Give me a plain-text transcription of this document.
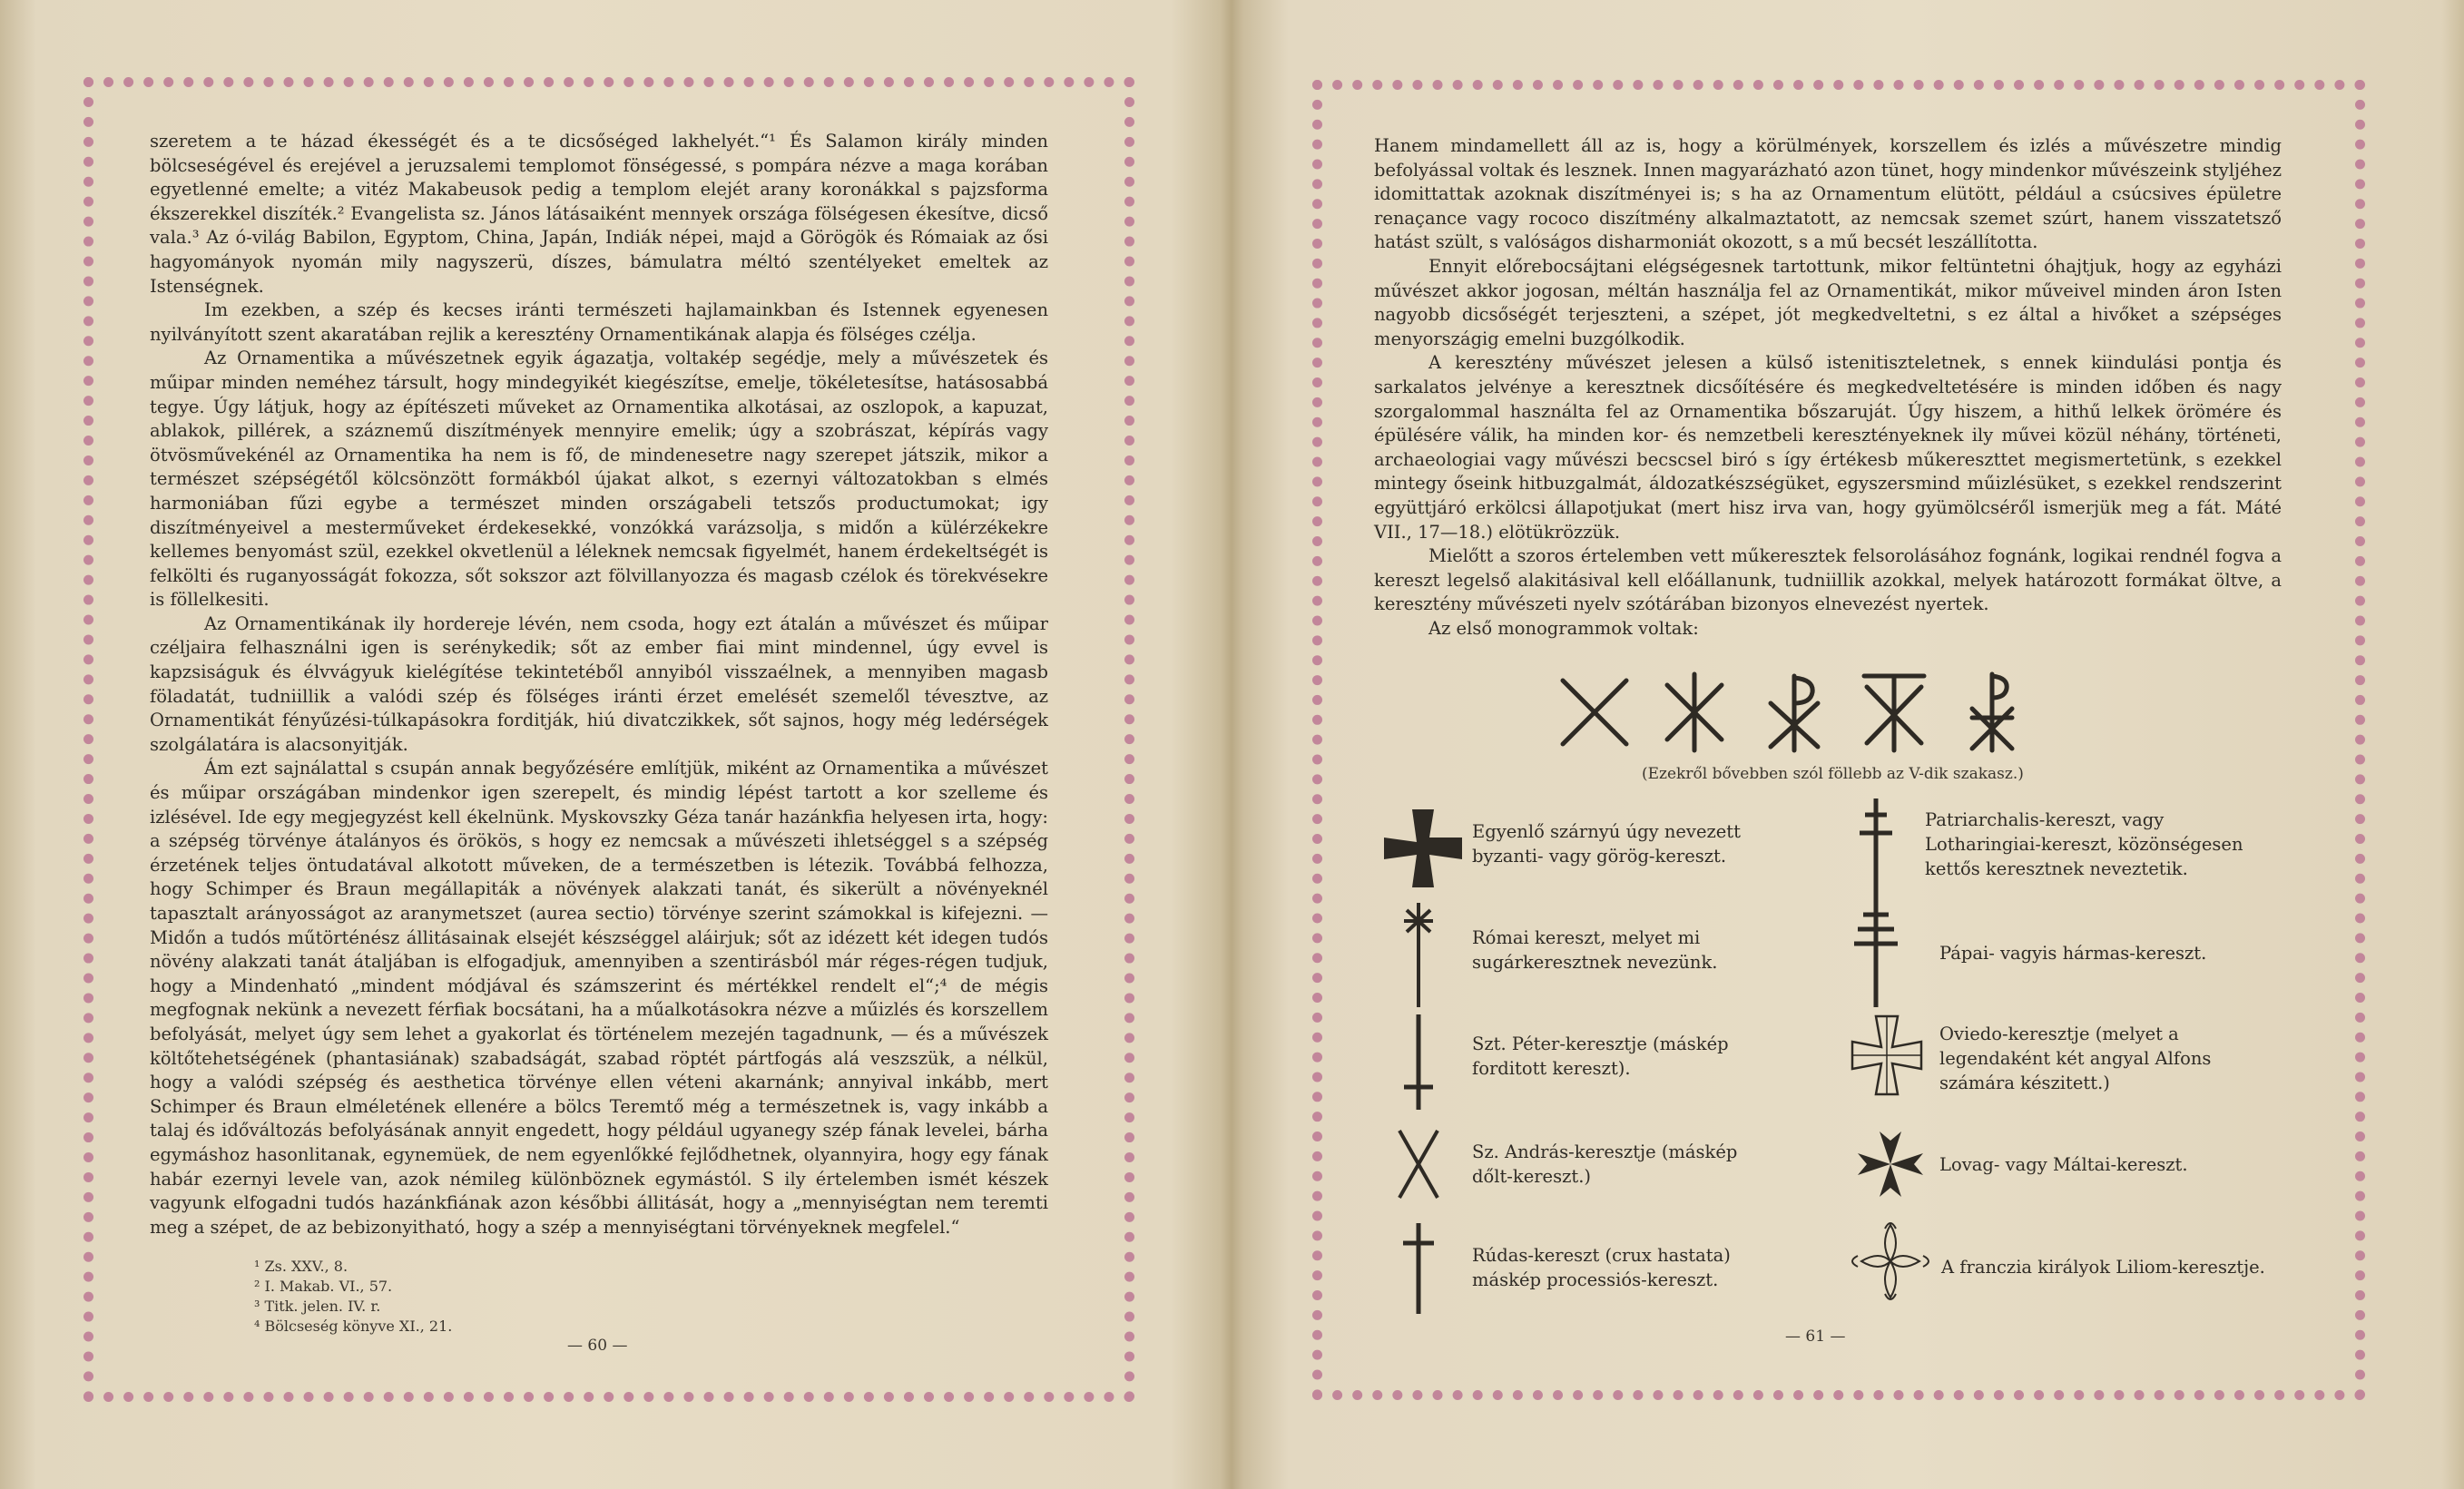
szeretem a te házad ékességét és a te dicsőséged lakhelyét.“¹ És Salamon király minden bölcseségével és erejével a jeruzsalemi templomot fönségessé, s pompára nézve a maga korában egyetlenné emelte; a vitéz Makabeusok pedig a templom elejét arany koronákkal s pajzsforma ékszerekkel diszíték.² Evangelista sz. János látásaiként mennyek országa fölségesen ékesítve, dicső vala.³ Az ó-világ Babilon, Egyptom, China, Japán, Indiák népei, majd a Görögök és Rómaiak az ősi hagyományok nyomán mily nagyszerü, díszes, bámulatra méltó szentélyeket emeltek az Istenségnek.

Im ezekben, a szép és kecses iránti természeti hajlamainkban és Istennek egyenesen nyilványított szent akaratában rejlik a keresztény Ornamentikának alapja és fölséges czélja.

Az Ornamentika a művészetnek egyik ágazatja, voltakép segédje, mely a művészetek és műipar minden neméhez társult, hogy mindegyikét kiegészítse, emelje, tökéletesítse, hatásosabbá tegye. Úgy látjuk, hogy az építészeti műveket az Ornamentika alkotásai, az oszlopok, a kapuzat, ablakok, pillérek, a száznemű diszítmények mennyire emelik; úgy a szobrászat, képírás vagy ötvösművekénél az Ornamentika ha nem is fő, de mindenesetre nagy szerepet játszik, mikor a természet szépségétől kölcsönzött formákból újakat alkot, s ezernyi változatokban s elmés harmoniában fűzi egybe a természet minden országabeli tetszős productumokat; igy diszítményeivel a mesterműveket érdekesekké, vonzókká varázsolja, s midőn a külérzékekre kellemes benyomást szül, ezekkel okvetlenül a léleknek nemcsak figyelmét, hanem érdekeltségét is felkölti és ruganyosságát fokozza, sőt sokszor azt fölvillanyozza és magasb czélok és törekvésekre is föllelkesiti.

Az Ornamentikának ily hordereje lévén, nem csoda, hogy ezt átalán a művészet és műipar czéljaira felhasználni igen is serénykedik; sőt az ember fiai mint mindennel, úgy evvel is kapzsiságuk és élvvágyuk kielégítése tekintetéből annyiból visszaélnek, a mennyiben magasb föladatát, tudniillik a valódi szép és fölséges iránti érzet emelését szemelől tévesztve, az Ornamentikát fényűzési-túlkapásokra forditják, hiú divatczikkek, sőt sajnos, hogy még ledérségek szolgálatára is alacsonyitják.

Ám ezt sajnálattal s csupán annak begyőzésére említjük, miként az Ornamentika a művészet és műipar országában mindenkor igen szerepelt, és mindig lépést tartott a kor szelleme és izlésével. Ide egy megjegyzést kell ékelnünk. Myskovszky Géza tanár hazánkfia helyesen irta, hogy: a szépség törvénye átalányos és örökös, s hogy ez nemcsak a művészeti ihletséggel s a szépség érzetének teljes öntudatával alkotott műveken, de a természetben is létezik. Továbbá felhozza, hogy Schimper és Braun megállapiták a növények alakzati tanát, és sikerült a növényeknél tapasztalt arányosságot az aranymetszet (aurea sectio) törvénye szerint számokkal is kifejezni. — Midőn a tudós műtörténész állitásainak elsejét készséggel aláirjuk; sőt az idézett két idegen tudós növény alakzati tanát átaljában is elfogadjuk, amennyiben a szentirásból már réges-régen tudjuk, hogy a Mindenható „mindent módjával és számszerint és mértékkel rendelt el“;⁴ de mégis megfognak nekünk a nevezett férfiak bocsátani, ha a műalkotásokra nézve a műizlés és korszellem befolyását, melyet úgy sem lehet a gyakorlat és történelem mezején tagadnunk, — és a művészek költőtehetségének (phantasiának) szabadságát, szabad röptét pártfogás alá veszszük, a nélkül, hogy a valódi szépség és aesthetica törvénye ellen véteni akarnánk; annyival inkább, mert Schimper és Braun elméletének ellenére a bölcs Teremtő még a természetnek is, vagy inkább a talaj és időváltozás befolyásának annyit engedett, hogy például ugyanegy szép fának levelei, bárha egymáshoz hasonlitanak, egynemüek, de nem egyenlőkké fejlődhetnek, olyannyira, hogy egy fának habár ezernyi levele van, azok némileg különböznek egymástól. S ily értelemben ismét készek vagyunk elfogadni tudós hazánkfiának azon későbbi állitását, hogy a „mennyiségtan nem teremti meg a szépet, de az bebizonyitható, hogy a szép a mennyiségtani törvényeknek megfelel.“

¹ Zs. XXV., 8.
² I. Makab. VI., 57.
³ Titk. jelen. IV. r.
⁴ Bölcseség könyve XI., 21.
— 60 —

Hanem mindamellett áll az is, hogy a körülmények, korszellem és izlés a művészetre mindig befolyással voltak és lesznek. Innen magyarázható azon tünet, hogy mindenkor művészeink styljéhez idomittattak azoknak diszítményei is; s ha az Ornamentum elütött, például a csúcsives épületre renaçance vagy rococo diszítmény alkalmaztatott, az nemcsak szemet szúrt, hanem visszatetsző hatást szült, s valóságos disharmoniát okozott, s a mű becsét leszállította.

Ennyit előrebocsájtani elégségesnek tartottunk, mikor feltüntetni óhajtjuk, hogy az egyházi művészet akkor jogosan, méltán használja fel az Ornamentikát, mikor műveivel minden áron Isten nagyobb dicsőségét terjeszteni, a szépet, jót megkedveltetni, s ez által a hivőket a szépséges menyországig emelni buzgólkodik.

A keresztény művészet jelesen a külső istenitiszteletnek, s ennek kiindulási pontja és sarkalatos jelvénye a keresztnek dicsőítésére és megkedveltetésére is minden időben és nagy szorgalommal használta fel az Ornamentika bőszaruját. Úgy hiszem, a hithű lelkek örömére és épülésére válik, ha minden kor- és nemzetbeli keresztényeknek ily művei közül néhány, történeti, archaeologiai vagy művészi becscsel biró s így értékesb műkereszttet megismertetünk, s ezekkel mintegy őseink hitbuzgalmát, áldozatkészségüket, egyszersmind műizlésüket, s ezekkel rendszerint együttjáró erkölcsi állapotjukat (mert hisz irva van, hogy gyümölcséről ismerjük meg a fát. Máté VII., 17—18.) elötükrözzük.

Mielőtt a szoros értelemben vett műkeresztek felsorolásához fognánk, logikai rendnél fogva a kereszt legelső alakitásival kell előállanunk, tudniillik azokkal, melyek határozott formákat öltve, a keresztény művészeti nyelv szótárában bizonyos elnevezést nyertek.

Az első monogrammok voltak:

(Ezekről bővebben szól föllebb az V-dik szakasz.)
Egyenlő szárnyú úgy nevezett byzanti- vagy görög-kereszt.
Római kereszt, melyet mi sugárkeresztnek nevezünk.
Szt. Péter-keresztje (máskép forditott kereszt).
Sz. András-keresztje (máskép dőlt-kereszt.)
Rúdas-kereszt (crux hastata) máskép processiós-kereszt.
Patriarchalis-kereszt, vagy Lotharingiai-kereszt, közönségesen kettős keresztnek neveztetik.
Pápai- vagyis hármas-kereszt.
Oviedo-keresztje (melyet a legendaként két angyal Alfons számára készitett.)
Lovag- vagy Máltai-kereszt.
A franczia királyok Liliom-keresztje.
— 61 —
